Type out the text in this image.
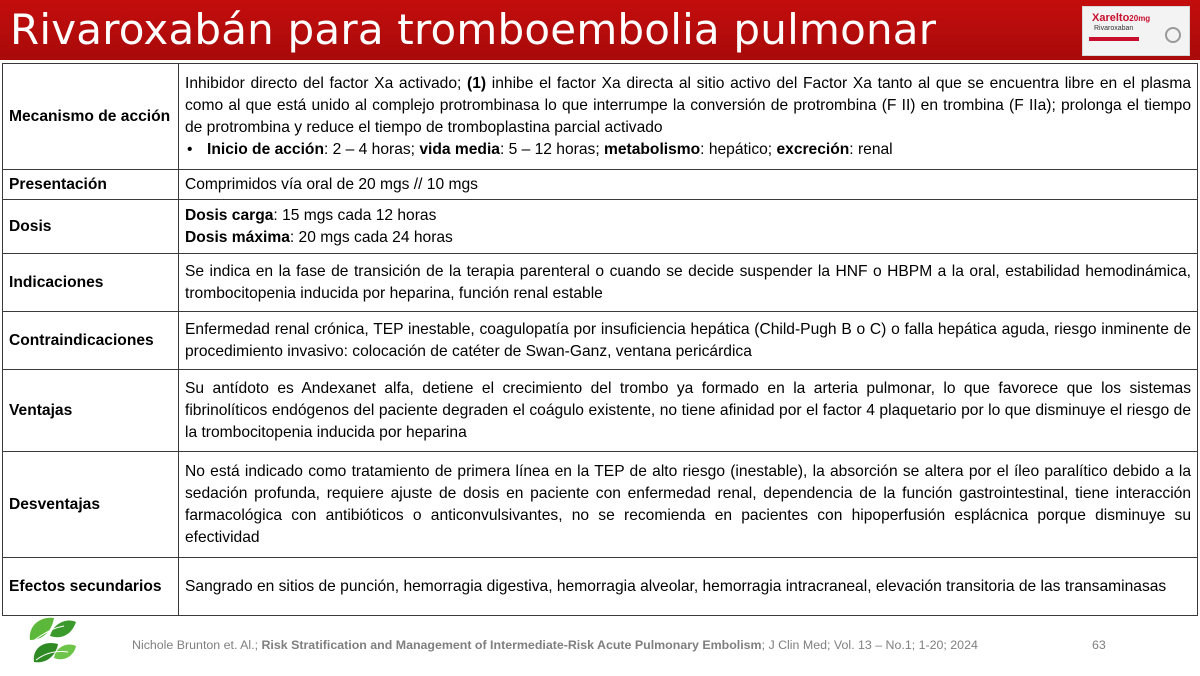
Rivaroxabán para tromboembolia pulmonar	Xarelto20mg
Rivaroxaban
Mecanismo de acción	Inhibidor directo del factor Xa activado; (1) inhibe el factor Xa directa al sitio activo del Factor Xa tanto al que se encuentra libre en el plasma como al que está unido al complejo protrombinasa lo que interrumpe la conversión de protrombina (F II) en trombina (F IIa); prolonga el tiempo de protrombina y reduce el tiempo de tromboplastina parcial activado
• Inicio de acción: 2 – 4 horas; vida media: 5 – 12 horas; metabolismo: hepático; excreción: renal
Presentación	Comprimidos vía oral de 20 mgs // 10 mgs
Dosis	Dosis carga: 15 mgs cada 12 horas
Dosis máxima: 20 mgs cada 24 horas
Indicaciones	Se indica en la fase de transición de la terapia parenteral o cuando se decide suspender la HNF o HBPM a la oral, estabilidad hemodinámica, trombocitopenia inducida por heparina, función renal estable
Contraindicaciones	Enfermedad renal crónica, TEP inestable, coagulopatía por insuficiencia hepática (Child-Pugh B o C) o falla hepática aguda, riesgo inminente de procedimiento invasivo: colocación de catéter de Swan-Ganz, ventana pericárdica
Ventajas	Su antídoto es Andexanet alfa, detiene el crecimiento del trombo ya formado en la arteria pulmonar, lo que favorece que los sistemas fibrinolíticos endógenos del paciente degraden el coágulo existente, no tiene afinidad por el factor 4 plaquetario por lo que disminuye el riesgo de la trombocitopenia inducida por heparina
Desventajas	No está indicado como tratamiento de primera línea en la TEP de alto riesgo (inestable), la absorción se altera por el íleo paralítico debido a la sedación profunda, requiere ajuste de dosis en paciente con enfermedad renal, dependencia de la función gastrointestinal, tiene interacción farmacológica con antibióticos o anticonvulsivantes, no se recomienda en pacientes con hipoperfusión esplácnica porque disminuye su efectividad
Efectos secundarios	Sangrado en sitios de punción, hemorragia digestiva, hemorragia alveolar, hemorragia intracraneal, elevación transitoria de las transaminasas
Nichole Brunton et. Al.; Risk Stratification and Management of Intermediate-Risk Acute Pulmonary Embolism; J Clin Med; Vol. 13 – No.1; 1-20; 2024	63
